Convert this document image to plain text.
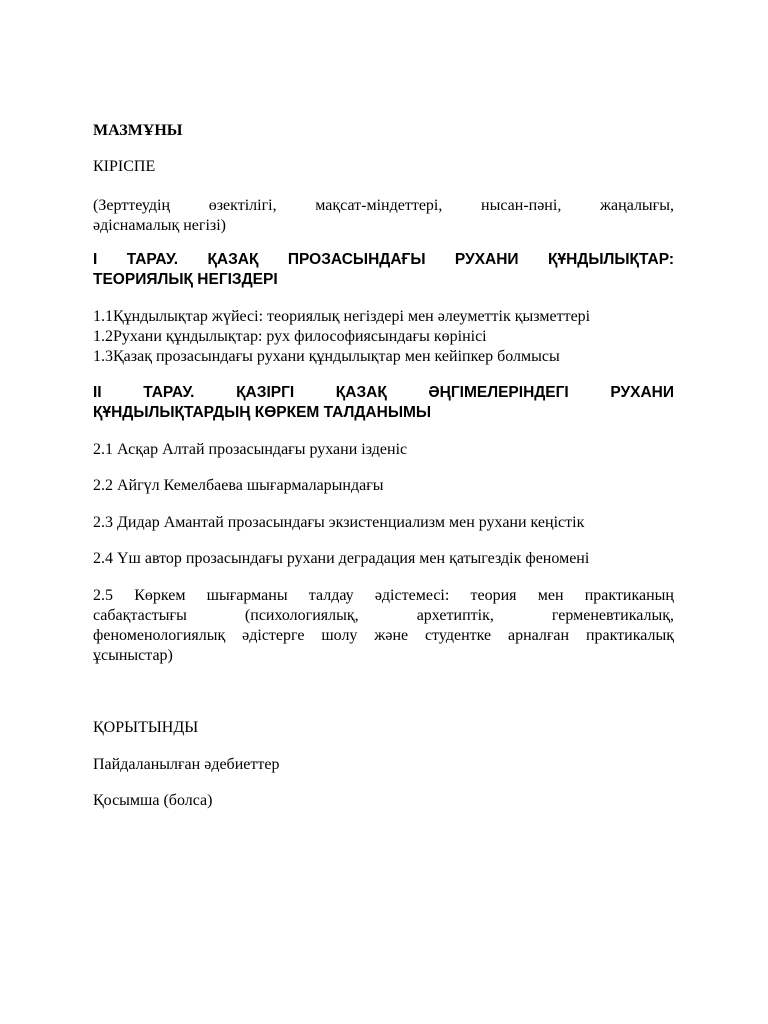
МАЗМҰНЫ
КІРІСПЕ
(Зерттеудің өзектілігі, мақсат-міндеттері, нысан-пәні, жаңалығы,
әдіснамалық негізі)
І ТАРАУ. ҚАЗАҚ ПРОЗАСЫНДАҒЫ РУХАНИ ҚҰНДЫЛЫҚТАР:
ТЕОРИЯЛЫҚ НЕГІЗДЕРІ
1.1Құндылықтар жүйесі: теориялық негіздері мен әлеуметтік қызметтері
1.2Рухани құндылықтар: рух философиясындағы көрінісі
1.3Қазақ прозасындағы рухани құндылықтар мен кейіпкер болмысы
ІІ ТАРАУ. ҚАЗІРГІ ҚАЗАҚ ӘҢГІМЕЛЕРІНДЕГІ РУХАНИ
ҚҰНДЫЛЫҚТАРДЫҢ КӨРКЕМ ТАЛДАНЫМЫ
2.1 Асқар Алтай прозасындағы рухани ізденіс
2.2 Айгүл Кемелбаева шығармаларындағы
2.3 Дидар Амантай прозасындағы экзистенциализм мен рухани кеңістік
2.4 Үш автор прозасындағы рухани деградация мен қатыгездік феномені
2.5 Көркем шығарманы талдау әдістемесі: теория мен практиканың
сабақтастығы (психологиялық, архетиптік, герменевтикалық,
феноменологиялық әдістерге шолу және студентке арналған практикалық
ұсыныстар)
ҚОРЫТЫНДЫ
Пайдаланылған әдебиеттер
Қосымша (болса)
